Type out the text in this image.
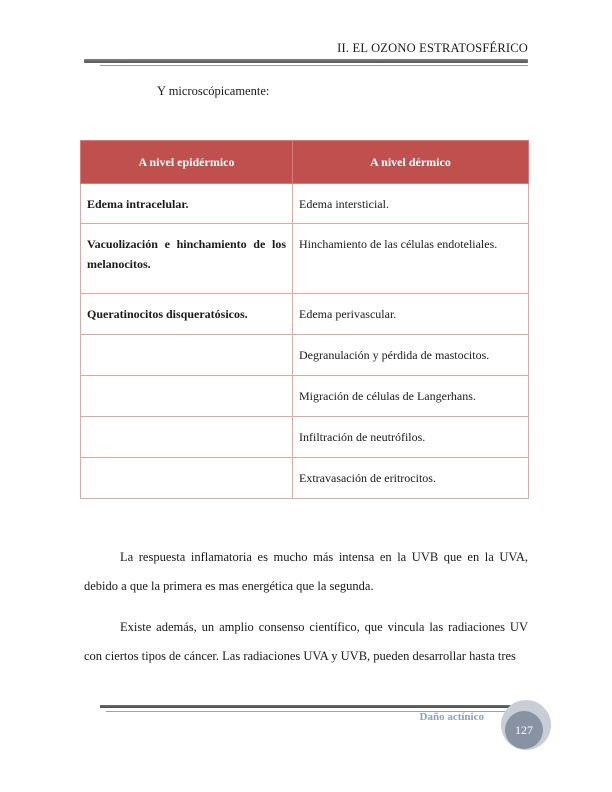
II. EL OZONO ESTRATOSFÉRICO
Y microscópicamente:
A nivel epidérmico	A nivel dérmico
Edema intracelular.	Edema intersticial.
Vacuolización e hinchamiento de los melanocitos.	Hinchamiento de las células endoteliales.
Queratinocitos disqueratósicos.	Edema perivascular.
	Degranulación y pérdida de mastocitos.
	Migración de células de Langerhans.
	Infiltración de neutrófilos.
	Extravasación de eritrocitos.

La respuesta inflamatoria es mucho más intensa en la UVB que en la UVA, debido a que la primera es mas energética que la segunda.

Existe además, un amplio consenso científico, que vincula las radiaciones UV con ciertos tipos de cáncer. Las radiaciones UVA y UVB, pueden desarrollar hasta tres

Daño actínico
127
